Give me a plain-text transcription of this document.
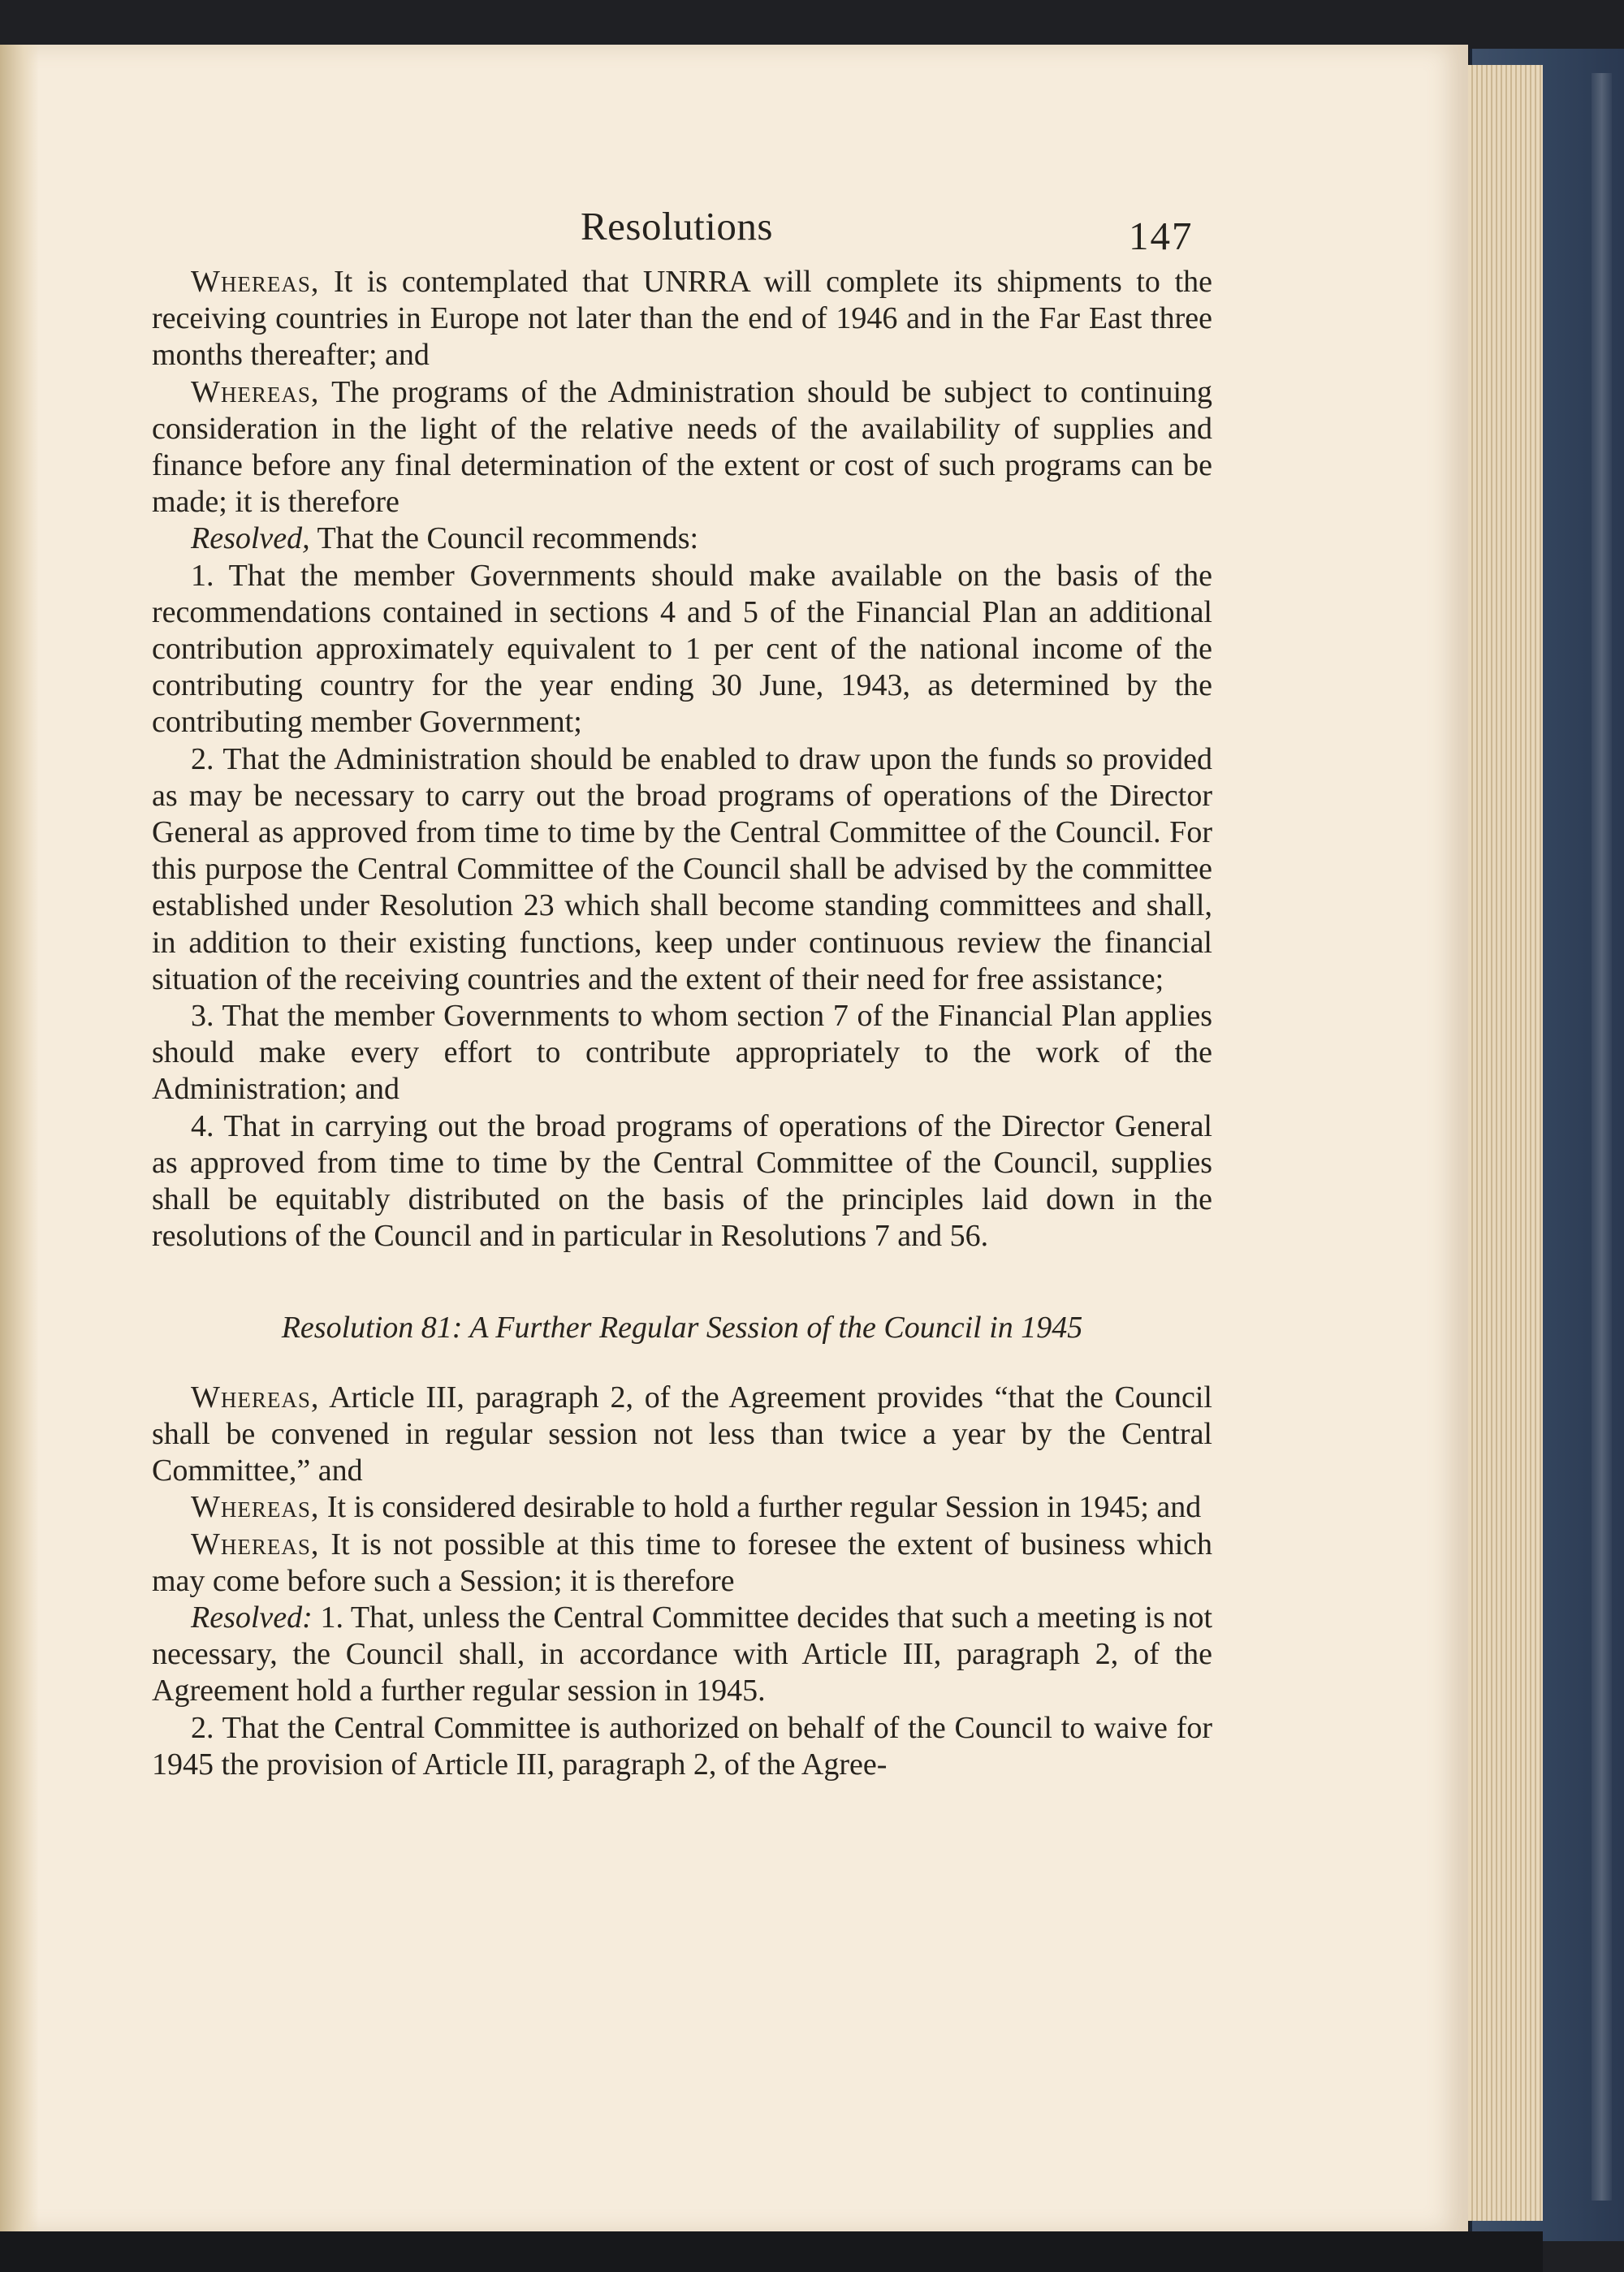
Resolutions	147

Whereas, It is contemplated that UNRRA will complete its shipments to the receiving countries in Europe not later than the end of 1946 and in the Far East three months thereafter; and

Whereas, The programs of the Administration should be subject to continuing consideration in the light of the relative needs of the availability of supplies and finance before any final determination of the extent or cost of such programs can be made; it is therefore

Resolved, That the Council recommends:

1. That the member Governments should make available on the basis of the recommendations contained in sections 4 and 5 of the Financial Plan an additional contribution approximately equivalent to 1 per cent of the national income of the contributing country for the year ending 30 June, 1943, as determined by the contributing member Government;

2. That the Administration should be enabled to draw upon the funds so provided as may be necessary to carry out the broad programs of operations of the Director General as approved from time to time by the Central Committee of the Council. For this purpose the Central Committee of the Council shall be advised by the committee established under Resolution 23 which shall become standing committees and shall, in addition to their existing functions, keep under continuous review the financial situation of the receiving countries and the extent of their need for free assistance;

3. That the member Governments to whom section 7 of the Financial Plan applies should make every effort to contribute appropriately to the work of the Administration; and

4. That in carrying out the broad programs of operations of the Director General as approved from time to time by the Central Committee of the Council, supplies shall be equitably distributed on the basis of the principles laid down in the resolutions of the Council and in particular in Resolutions 7 and 56.

Resolution 81: A Further Regular Session of the Council in 1945

Whereas, Article III, paragraph 2, of the Agreement provides “that the Council shall be convened in regular session not less than twice a year by the Central Committee,” and

Whereas, It is considered desirable to hold a further regular Session in 1945; and

Whereas, It is not possible at this time to foresee the extent of business which may come before such a Session; it is therefore

Resolved: 1. That, unless the Central Committee decides that such a meeting is not necessary, the Council shall, in accordance with Article III, paragraph 2, of the Agreement hold a further regular session in 1945.

2. That the Central Committee is authorized on behalf of the Council to waive for 1945 the provision of Article III, paragraph 2, of the Agree-
